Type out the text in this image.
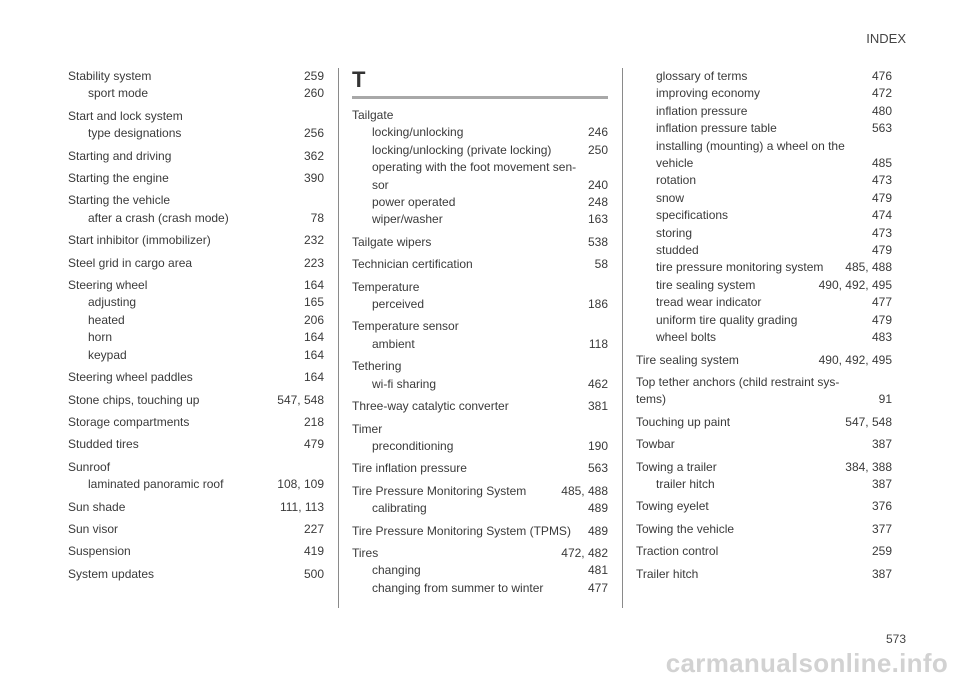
INDEX
Stability system	259
sport mode	260
Start and lock system
type designations	256
Starting and driving	362
Starting the engine	390
Starting the vehicle
after a crash (crash mode)	78
Start inhibitor (immobilizer)	232
Steel grid in cargo area	223
Steering wheel	164
adjusting	165
heated	206
horn	164
keypad	164
Steering wheel paddles	164
Stone chips, touching up	547, 548
Storage compartments	218
Studded tires	479
Sunroof
laminated panoramic roof	108, 109
Sun shade	111, 113
Sun visor	227
Suspension	419
System updates	500
T
Tailgate
locking/unlocking	246
locking/unlocking (private locking)	250
operating with the foot movement sen-
sor	240
power operated	248
wiper/washer	163
Tailgate wipers	538
Technician certification	58
Temperature
perceived	186
Temperature sensor
ambient	118
Tethering
wi-fi sharing	462
Three-way catalytic converter	381
Timer
preconditioning	190
Tire inflation pressure	563
Tire Pressure Monitoring System	485, 488
calibrating	489
Tire Pressure Monitoring System (TPMS)	489
Tires	472, 482
changing	481
changing from summer to winter	477
glossary of terms	476
improving economy	472
inflation pressure	480
inflation pressure table	563
installing (mounting) a wheel on the
vehicle	485
rotation	473
snow	479
specifications	474
storing	473
studded	479
tire pressure monitoring system	485, 488
tire sealing system	490, 492, 495
tread wear indicator	477
uniform tire quality grading	479
wheel bolts	483
Tire sealing system	490, 492, 495
Top tether anchors (child restraint sys-
tems)	91
Touching up paint	547, 548
Towbar	387
Towing a trailer	384, 388
trailer hitch	387
Towing eyelet	376
Towing the vehicle	377
Traction control	259
Trailer hitch	387
573
carmanualsonline.info
